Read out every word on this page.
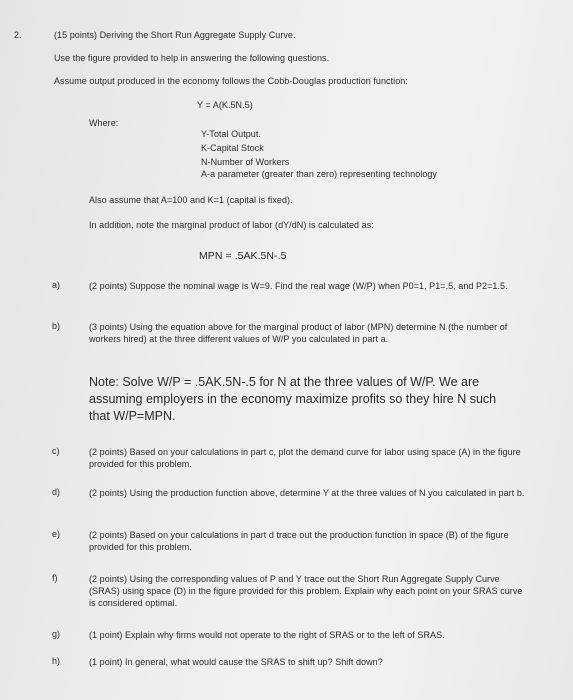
2.	(15 points) Deriving the Short Run Aggregate Supply Curve.
Use the figure provided to help in answering the following questions.
Assume output produced in the economy follows the Cobb-Douglas production function:
Y = A(K.5N.5)
Where:
Y-Total Output.
K-Capital Stock
N-Number of Workers
A-a parameter (greater than zero) representing technology
Also assume that A=100 and K=1 (capital is fixed).
In addition, note the marginal product of labor (dY/dN) is calculated as:
MPN = .5AK.5N-.5
a)	(2 points) Suppose the nominal wage is W=9. Find the real wage (W/P) when P0=1, P1=.5, and P2=1.5.
b)	(3 points) Using the equation above for the marginal product of labor (MPN) determine N (the number of workers hired) at the three different values of W/P you calculated in part a.
Note: Solve W/P = .5AK.5N-.5 for N at the three values of W/P. We are assuming employers in the economy maximize profits so they hire N such that W/P=MPN.
c)	(2 points) Based on your calculations in part c, plot the demand curve for labor using space (A) in the figure provided for this problem.
d)	(2 points) Using the production function above, determine Y at the three values of N you calculated in part b.
e)	(2 points) Based on your calculations in part d trace out the production function in space (B) of the figure provided for this problem.
f)	(2 points) Using the corresponding values of P and Y trace out the Short Run Aggregate Supply Curve (SRAS) using space (D) in the figure provided for this problem. Explain why each point on your SRAS curve is considered optimal.
g)	(1 point) Explain why firms would not operate to the right of SRAS or to the left of SRAS.
h)	(1 point) In general, what would cause the SRAS to shift up? Shift down?
